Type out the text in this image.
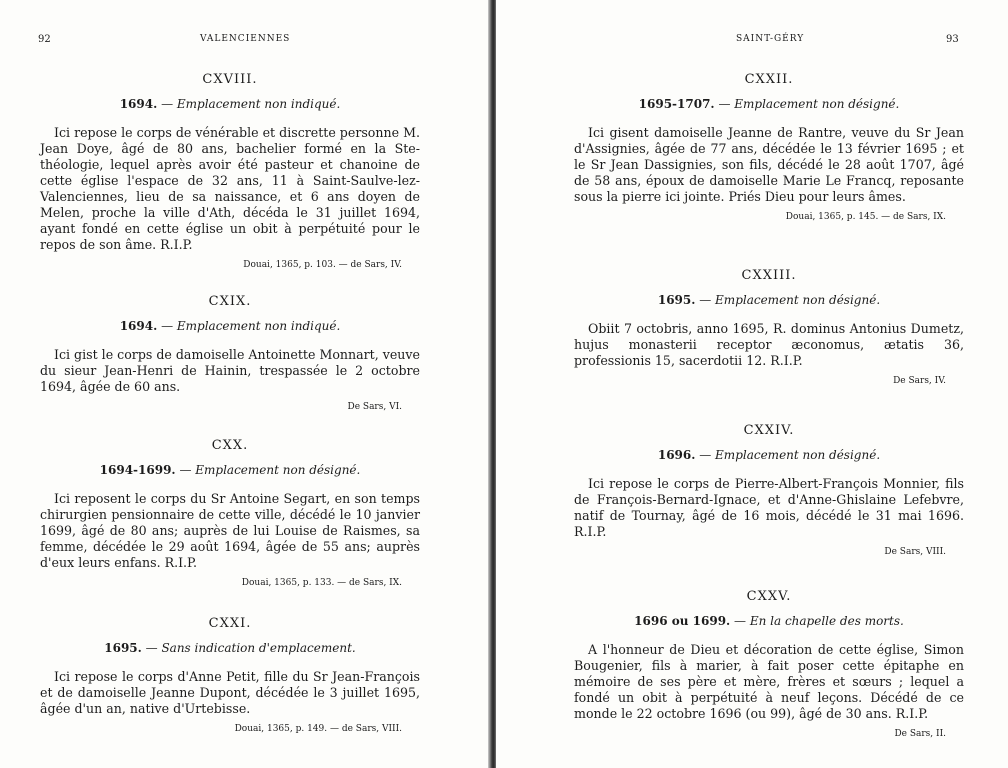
92	VALENCIENNES

CXVIII.

1694. — Emplacement non indiqué.

Ici repose le corps de vénérable et discrette personne M. Jean Doye, âgé de 80 ans, bachelier formé en la Ste-théologie, lequel après avoir été pasteur et chanoine de cette église l'espace de 32 ans, 11 à Saint-Saulve-lez-Valenciennes, lieu de sa naissance, et 6 ans doyen de Melen, proche la ville d'Ath, décéda le 31 juillet 1694, ayant fondé en cette église un obit à perpétuité pour le repos de son âme. R.I.P.

Douai, 1365, p. 103. — de Sars, IV.

CXIX.

1694. — Emplacement non indiqué.

Ici gist le corps de damoiselle Antoinette Monnart, veuve du sieur Jean-Henri de Hainin, trespassée le 2 octobre 1694, âgée de 60 ans.

De Sars, VI.

CXX.

1694-1699. — Emplacement non désigné.

Ici reposent le corps du Sr Antoine Segart, en son temps chirurgien pensionnaire de cette ville, décédé le 10 janvier 1699, âgé de 80 ans; auprès de lui Louise de Raismes, sa femme, décédée le 29 août 1694, âgée de 55 ans; auprès d'eux leurs enfans. R.I.P.

Douai, 1365, p. 133. — de Sars, IX.

CXXI.

1695. — Sans indication d'emplacement.

Ici repose le corps d'Anne Petit, fille du Sr Jean-François et de damoiselle Jeanne Dupont, décédée le 3 juillet 1695, âgée d'un an, native d'Urtebisse.

Douai, 1365, p. 149. — de Sars, VIII.

SAINT-GÉRY	93

CXXII.

1695-1707. — Emplacement non désigné.

Ici gisent damoiselle Jeanne de Rantre, veuve du Sr Jean d'Assignies, âgée de 77 ans, décédée le 13 février 1695 ; et le Sr Jean Dassignies, son fils, décédé le 28 août 1707, âgé de 58 ans, époux de damoiselle Marie Le Francq, reposante sous la pierre ici jointe. Priés Dieu pour leurs âmes.

Douai, 1365, p. 145. — de Sars, IX.

CXXIII.

1695. — Emplacement non désigné.

Obiit 7 octobris, anno 1695, R. dominus Antonius Dumetz, hujus monasterii receptor æconomus, ætatis 36, professionis 15, sacerdotii 12. R.I.P.

De Sars, IV.

CXXIV.

1696. — Emplacement non désigné.

Ici repose le corps de Pierre-Albert-François Monnier, fils de François-Bernard-Ignace, et d'Anne-Ghislaine Lefebvre, natif de Tournay, âgé de 16 mois, décédé le 31 mai 1696. R.I.P.

De Sars, VIII.

CXXV.

1696 ou 1699. — En la chapelle des morts.

A l'honneur de Dieu et décoration de cette église, Simon Bougenier, fils à marier, à fait poser cette épitaphe en mémoire de ses père et mère, frères et sœurs ; lequel a fondé un obit à perpétuité à neuf leçons. Décédé de ce monde le 22 octobre 1696 (ou 99), âgé de 30 ans. R.I.P.

De Sars, II.
